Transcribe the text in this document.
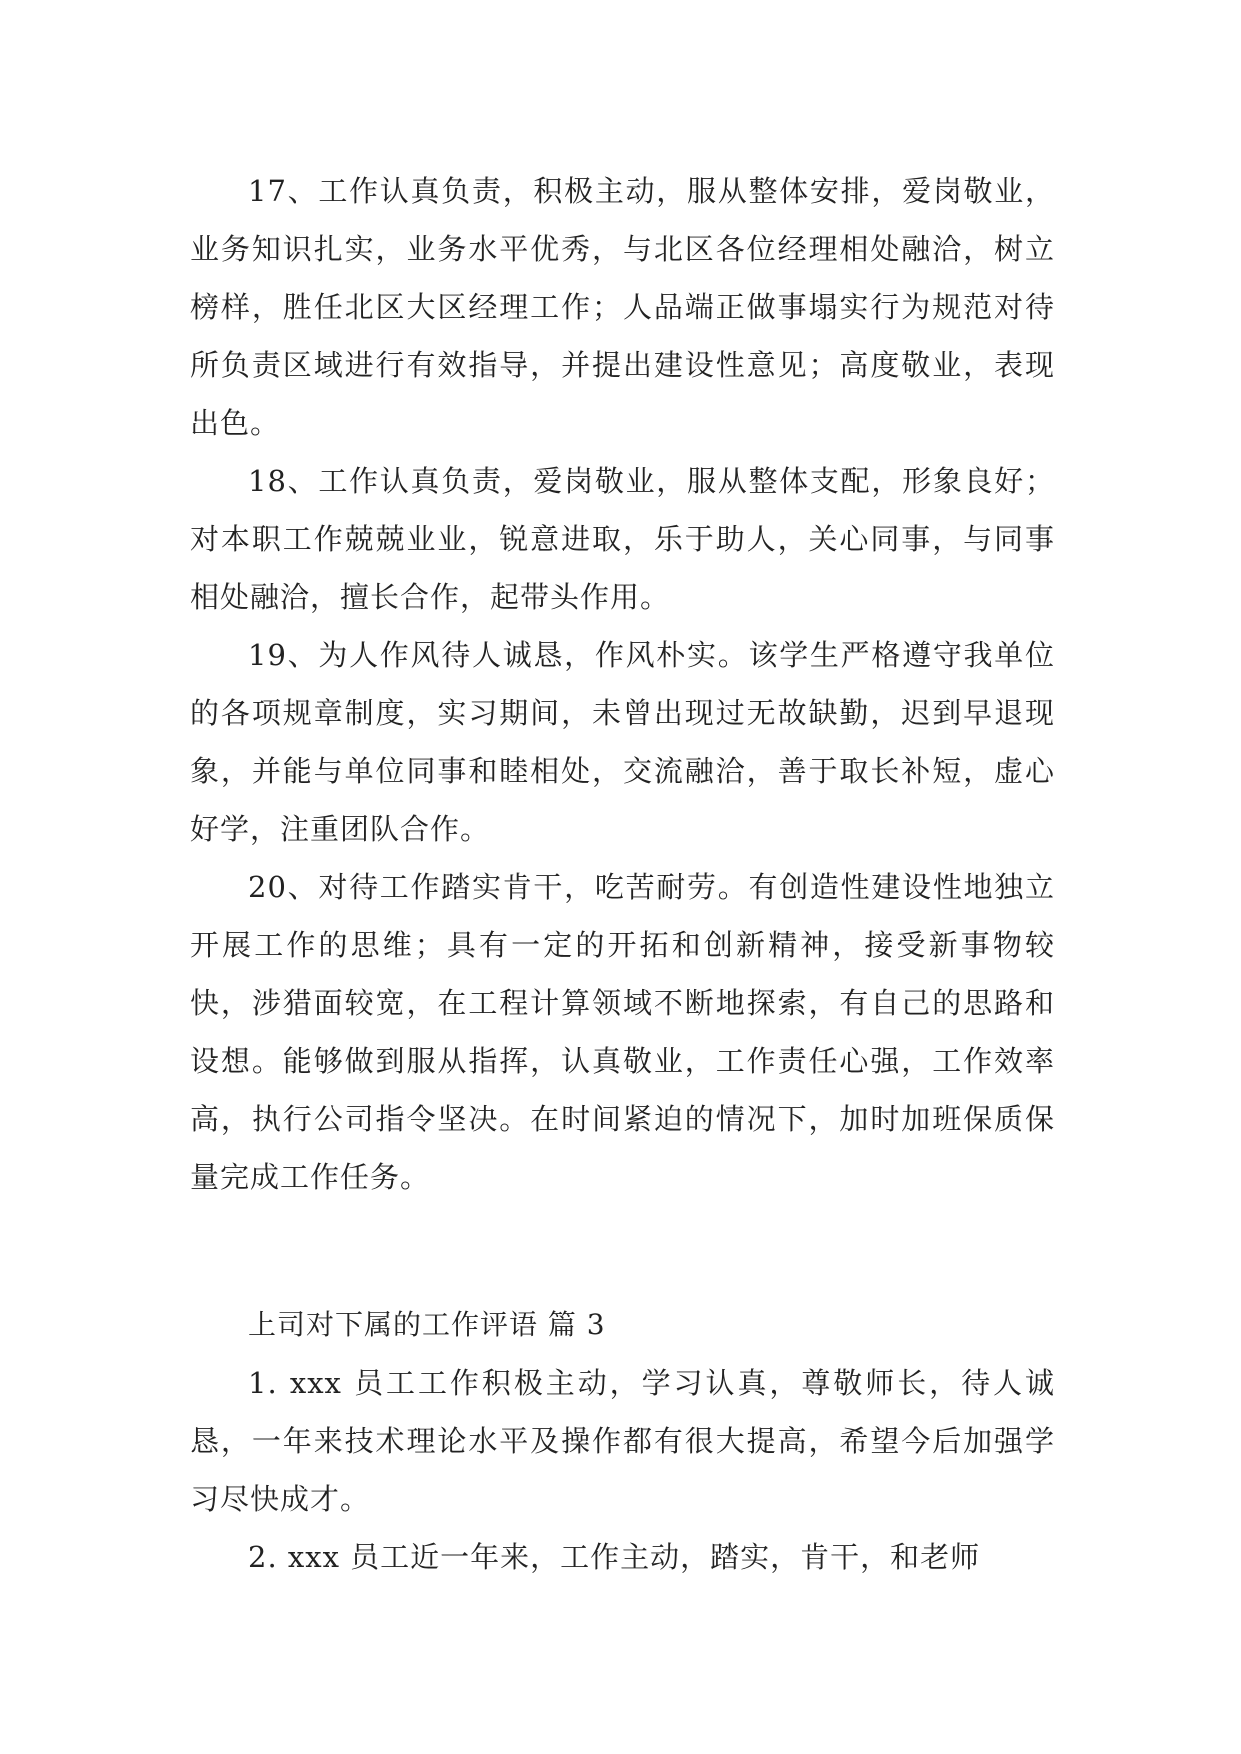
17、工作认真负责，积极主动，服从整体安排，爱岗敬业，业务知识扎实，业务水平优秀，与北区各位经理相处融洽，树立榜样，胜任北区大区经理工作；人品端正做事塌实行为规范对待所负责区域进行有效指导，并提出建设性意见；高度敬业，表现出色。

18、工作认真负责，爱岗敬业，服从整体支配，形象良好；对本职工作兢兢业业，锐意进取，乐于助人，关心同事，与同事相处融洽，擅长合作，起带头作用。

19、为人作风待人诚恳，作风朴实。该学生严格遵守我单位的各项规章制度，实习期间，未曾出现过无故缺勤，迟到早退现象，并能与单位同事和睦相处，交流融洽，善于取长补短，虚心好学，注重团队合作。

20、对待工作踏实肯干，吃苦耐劳。有创造性建设性地独立开展工作的思维；具有一定的开拓和创新精神，接受新事物较快，涉猎面较宽，在工程计算领域不断地探索，有自己的思路和设想。能够做到服从指挥，认真敬业，工作责任心强，工作效率高，执行公司指令坚决。在时间紧迫的情况下，加时加班保质保量完成工作任务。

上司对下属的工作评语 篇 3

1. xxx 员工工作积极主动，学习认真，尊敬师长，待人诚恳，一年来技术理论水平及操作都有很大提高，希望今后加强学习尽快成才。

2. xxx 员工近一年来，工作主动，踏实，肯干，和老师
